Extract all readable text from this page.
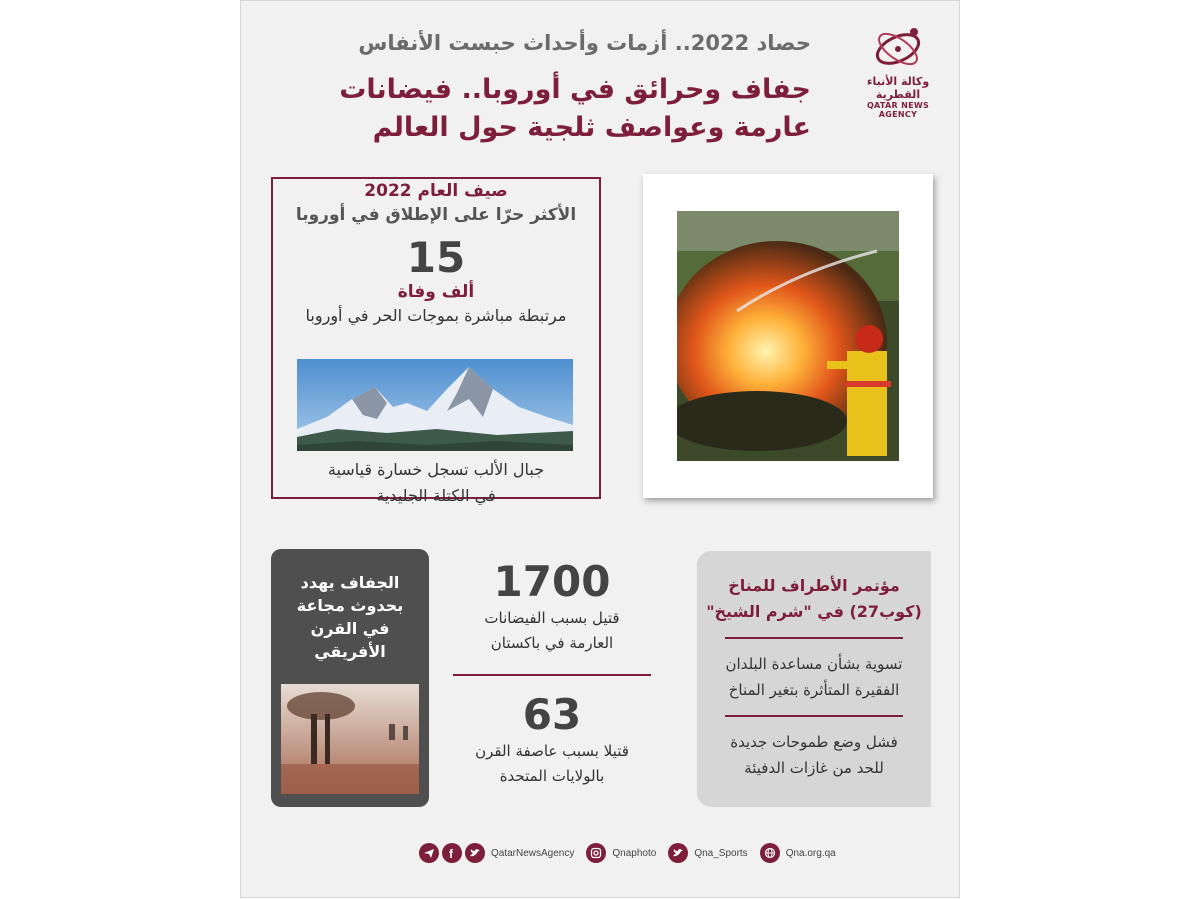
وكالة الأنباء القطرية
QATAR NEWS AGENCY
حصاد 2022.. أزمات وأحداث حبست الأنفاس
جفاف وحرائق في أوروبا.. فيضانات
عارمة وعواصف ثلجية حول العالم
صيف العام 2022
الأكثر حرّا على الإطلاق في أوروبا
15
ألف وفاة
مرتبطة مباشرة بموجات الحر في أوروبا
جبال الألب تسجل خسارة قياسية
في الكتلة الجليدية
الجفاف يهدد
بحدوث مجاعة
في القرن
الأفريقي
1700
قتيل بسبب الفيضانات
العارمة في باكستان
63
قتيلا بسبب عاصفة القرن
بالولايات المتحدة
مؤتمر الأطراف للمناخ
(كوب27) في "شرم الشيخ"
تسوية بشأن مساعدة البلدان
الفقيرة المتأثرة بتغير المناخ
فشل وضع طموحات جديدة
للحد من غازات الدفيئة
f	QatarNewsAgency	Qnaphoto	Qna_Sports	Qna.org.qa
